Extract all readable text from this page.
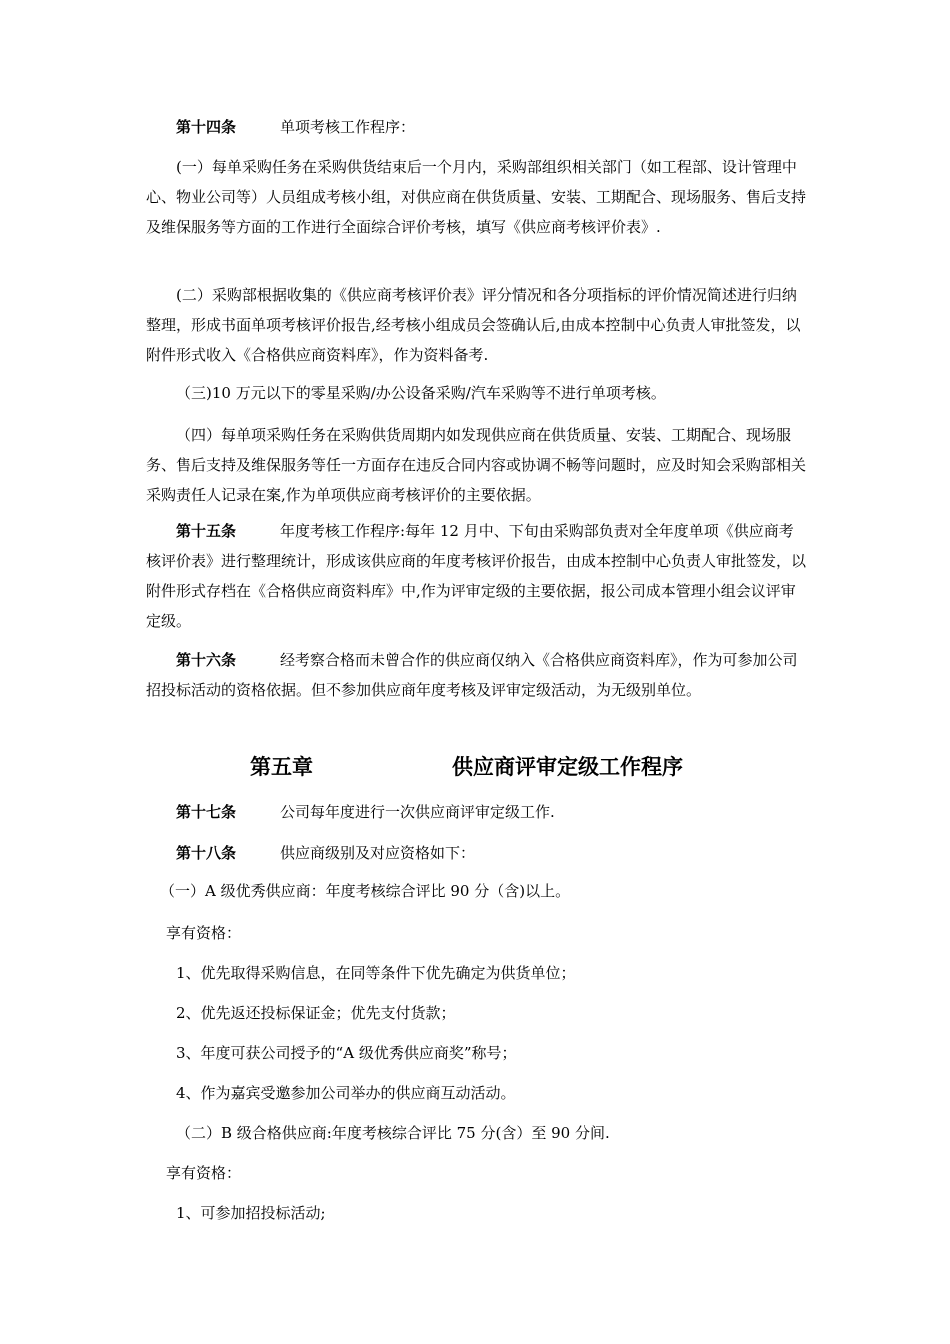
第十四条	单项考核工作程序：

(一）每单采购任务在采购供货结束后一个月内，采购部组织相关部门（如工程部、设计管理中心、物业公司等）人员组成考核小组，对供应商在供货质量、安装、工期配合、现场服务、售后支持及维保服务等方面的工作进行全面综合评价考核，填写《供应商考核评价表》.

(二）采购部根据收集的《供应商考核评价表》评分情况和各分项指标的评价情况简述进行归纳整理，形成书面单项考核评价报告,经考核小组成员会签确认后,由成本控制中心负责人审批签发，以附件形式收入《合格供应商资料库》，作为资料备考.

（三)10 万元以下的零星采购/办公设备采购/汽车采购等不进行单项考核。

（四）每单项采购任务在采购供货周期内如发现供应商在供货质量、安装、工期配合、现场服务、售后支持及维保服务等任一方面存在违反合同内容或协调不畅等问题时，应及时知会采购部相关采购责任人记录在案,作为单项供应商考核评价的主要依据。

第十五条	年度考核工作程序:每年 12 月中、下旬由采购部负责对全年度单项《供应商考核评价表》进行整理统计，形成该供应商的年度考核评价报告，由成本控制中心负责人审批签发，以附件形式存档在《合格供应商资料库》中,作为评审定级的主要依据，报公司成本管理小组会议评审定级。

第十六条	经考察合格而未曾合作的供应商仅纳入《合格供应商资料库》，作为可参加公司招投标活动的资格依据。但不参加供应商年度考核及评审定级活动，为无级别单位。

第五章	供应商评审定级工作程序

第十七条	公司每年度进行一次供应商评审定级工作.

第十八条	供应商级别及对应资格如下：

（一）A 级优秀供应商：年度考核综合评比 90 分（含)以上。

享有资格：

1、优先取得采购信息，在同等条件下优先确定为供货单位；

2、优先返还投标保证金；优先支付货款；

3、年度可获公司授予的“A 级优秀供应商奖”称号；

4、作为嘉宾受邀参加公司举办的供应商互动活动。

（二）B 级合格供应商:年度考核综合评比 75 分(含）至 90 分间.

享有资格：

1、可参加招投标活动;
